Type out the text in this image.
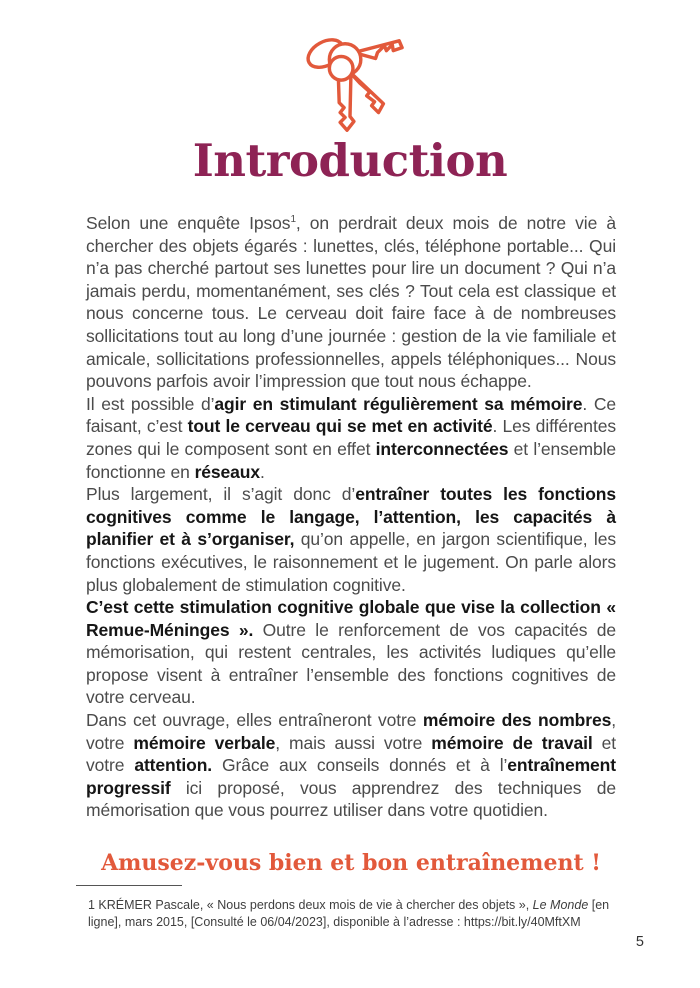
Introduction

Selon une enquête Ipsos$^1$, on perdrait deux mois de notre vie à chercher des objets égarés : lunettes, clés, téléphone portable... Qui n’a pas cherché partout ses lunettes pour lire un document ? Qui n’a jamais perdu, momentanément, ses clés ? Tout cela est classique et nous concerne tous. Le cerveau doit faire face à de nombreuses sollicitations tout au long d’une journée : gestion de la vie familiale et amicale, sollicitations professionnelles, appels téléphoniques... Nous pouvons parfois avoir l’impression que tout nous échappe.

Il est possible d’agir en stimulant régulièrement sa mémoire. Ce faisant, c’est tout le cerveau qui se met en activité. Les différentes zones qui le composent sont en effet interconnectées et l’ensemble fonctionne en réseaux.

Plus largement, il s’agit donc d’entraîner toutes les fonctions cognitives comme le langage, l’attention, les capacités à planifier et à s’organiser, qu’on appelle, en jargon scientifique, les fonctions exécutives, le raisonnement et le jugement. On parle alors plus globalement de stimulation cognitive.

C’est cette stimulation cognitive globale que vise la collection « Remue-Méninges ». Outre le renforcement de vos capacités de mémorisation, qui restent centrales, les activités ludiques qu’elle propose visent à entraîner l’ensemble des fonctions cognitives de votre cerveau.

Dans cet ouvrage, elles entraîneront votre mémoire des nombres, votre mémoire verbale, mais aussi votre mémoire de travail et votre attention. Grâce aux conseils donnés et à l’entraînement progressif ici proposé, vous apprendrez des techniques de mémorisation que vous pourrez utiliser dans votre quotidien.

Amusez-vous bien et bon entraînement !

1 KRÉMER Pascale, « Nous perdons deux mois de vie à chercher des objets », Le Monde [en ligne], mars 2015, [Consulté le 06/04/2023], disponible à l’adresse : https://bit.ly/40MftXM

5
